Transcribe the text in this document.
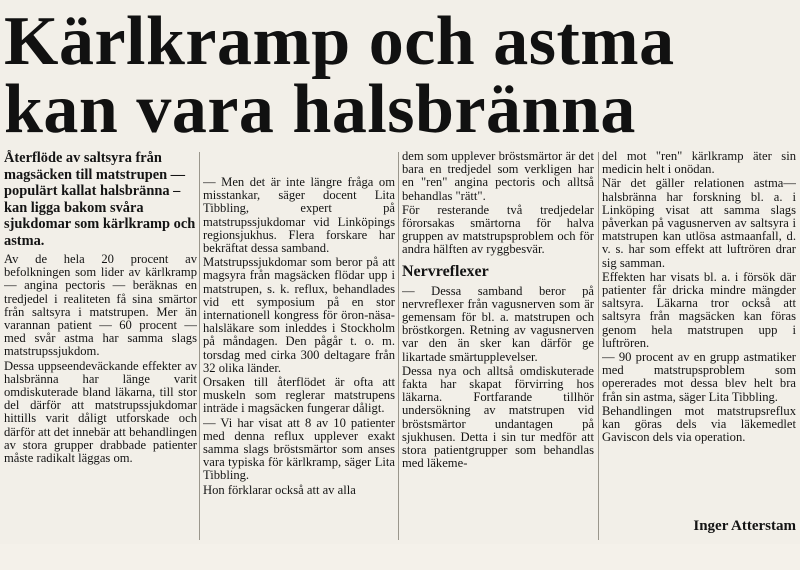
Kärlkramp och astma
kan vara halsbränna

Återflöde av saltsyra från magsäcken till matstrupen — populärt kallat halsbränna – kan ligga bakom svåra sjukdomar som kärlkramp och astma.

Av de hela 20 procent av befolkningen som lider av kärlkramp — angina pectoris — beräknas en tredjedel i realiteten få sina smärtor från saltsyra i matstrupen. Mer än varannan patient — 60 procent — med svår astma har samma slags matstrupssjukdom.

Dessa uppseendeväckande effekter av halsbränna har länge varit omdiskuterade bland läkarna, till stor del därför att matstrupssjukdomar hittills varit dåligt utforskade och därför att det innebär att behandlingen av stora grupper drabbade patienter måste radikalt läggas om.

— Men det är inte längre fråga om misstankar, säger docent Lita Tibbling, expert på matstrupssjukdomar vid Linköpings regionsjukhus. Flera forskare har bekräftat dessa samband.

Matstrupssjukdomar som beror på att magsyra från magsäcken flödar upp i matstrupen, s. k. reflux, behandlades vid ett symposium på en stor internationell kongress för öron-näsa-halsläkare som inleddes i Stockholm på måndagen. Den pågår t. o. m. torsdag med cirka 300 deltagare från 32 olika länder.

Orsaken till återflödet är ofta att muskeln som reglerar matstrupens inträde i magsäcken fungerar dåligt.

— Vi har visat att 8 av 10 patienter med denna reflux upplever exakt samma slags bröstsmärtor som anses vara typiska för kärlkramp, säger Lita Tibbling.

Hon förklarar också att av alla

dem som upplever bröstsmärtor är det bara en tredjedel som verkligen har en "ren" angina pectoris och alltså behandlas "rätt".

För resterande två tredjedelar förorsakas smärtorna för halva gruppen av matstrupsproblem och för andra hälften av ryggbesvär.

Nervreflexer

— Dessa samband beror på nervreflexer från vagusnerven som är gemensam för bl. a. matstrupen och bröstkorgen. Retning av vagusnerven var den än sker kan därför ge likartade smärtupplevelser.

Dessa nya och alltså omdiskuterade fakta har skapat förvirring hos läkarna. Fortfarande tillhör undersökning av matstrupen vid bröstsmärtor undantagen på sjukhusen. Detta i sin tur medför att stora patientgrupper som behandlas med läkeme-

del mot "ren" kärlkramp äter sin medicin helt i onödan.

När det gäller relationen astma—halsbränna har forskning bl. a. i Linköping visat att samma slags påverkan på vagusnerven av saltsyra i matstrupen kan utlösa astmaanfall, d. v. s. har som effekt att luftrören drar sig samman.

Effekten har visats bl. a. i försök där patienter får dricka mindre mängder saltsyra. Läkarna tror också att saltsyra från magsäcken kan föras genom hela matstrupen upp i luftrören.

— 90 procent av en grupp astmatiker med matstrupsproblem som opererades mot dessa blev helt bra från sin astma, säger Lita Tibbling.

Behandlingen mot matstrupsreflux kan göras dels via läkemedlet Gaviscon dels via operation.

Inger Atterstam
